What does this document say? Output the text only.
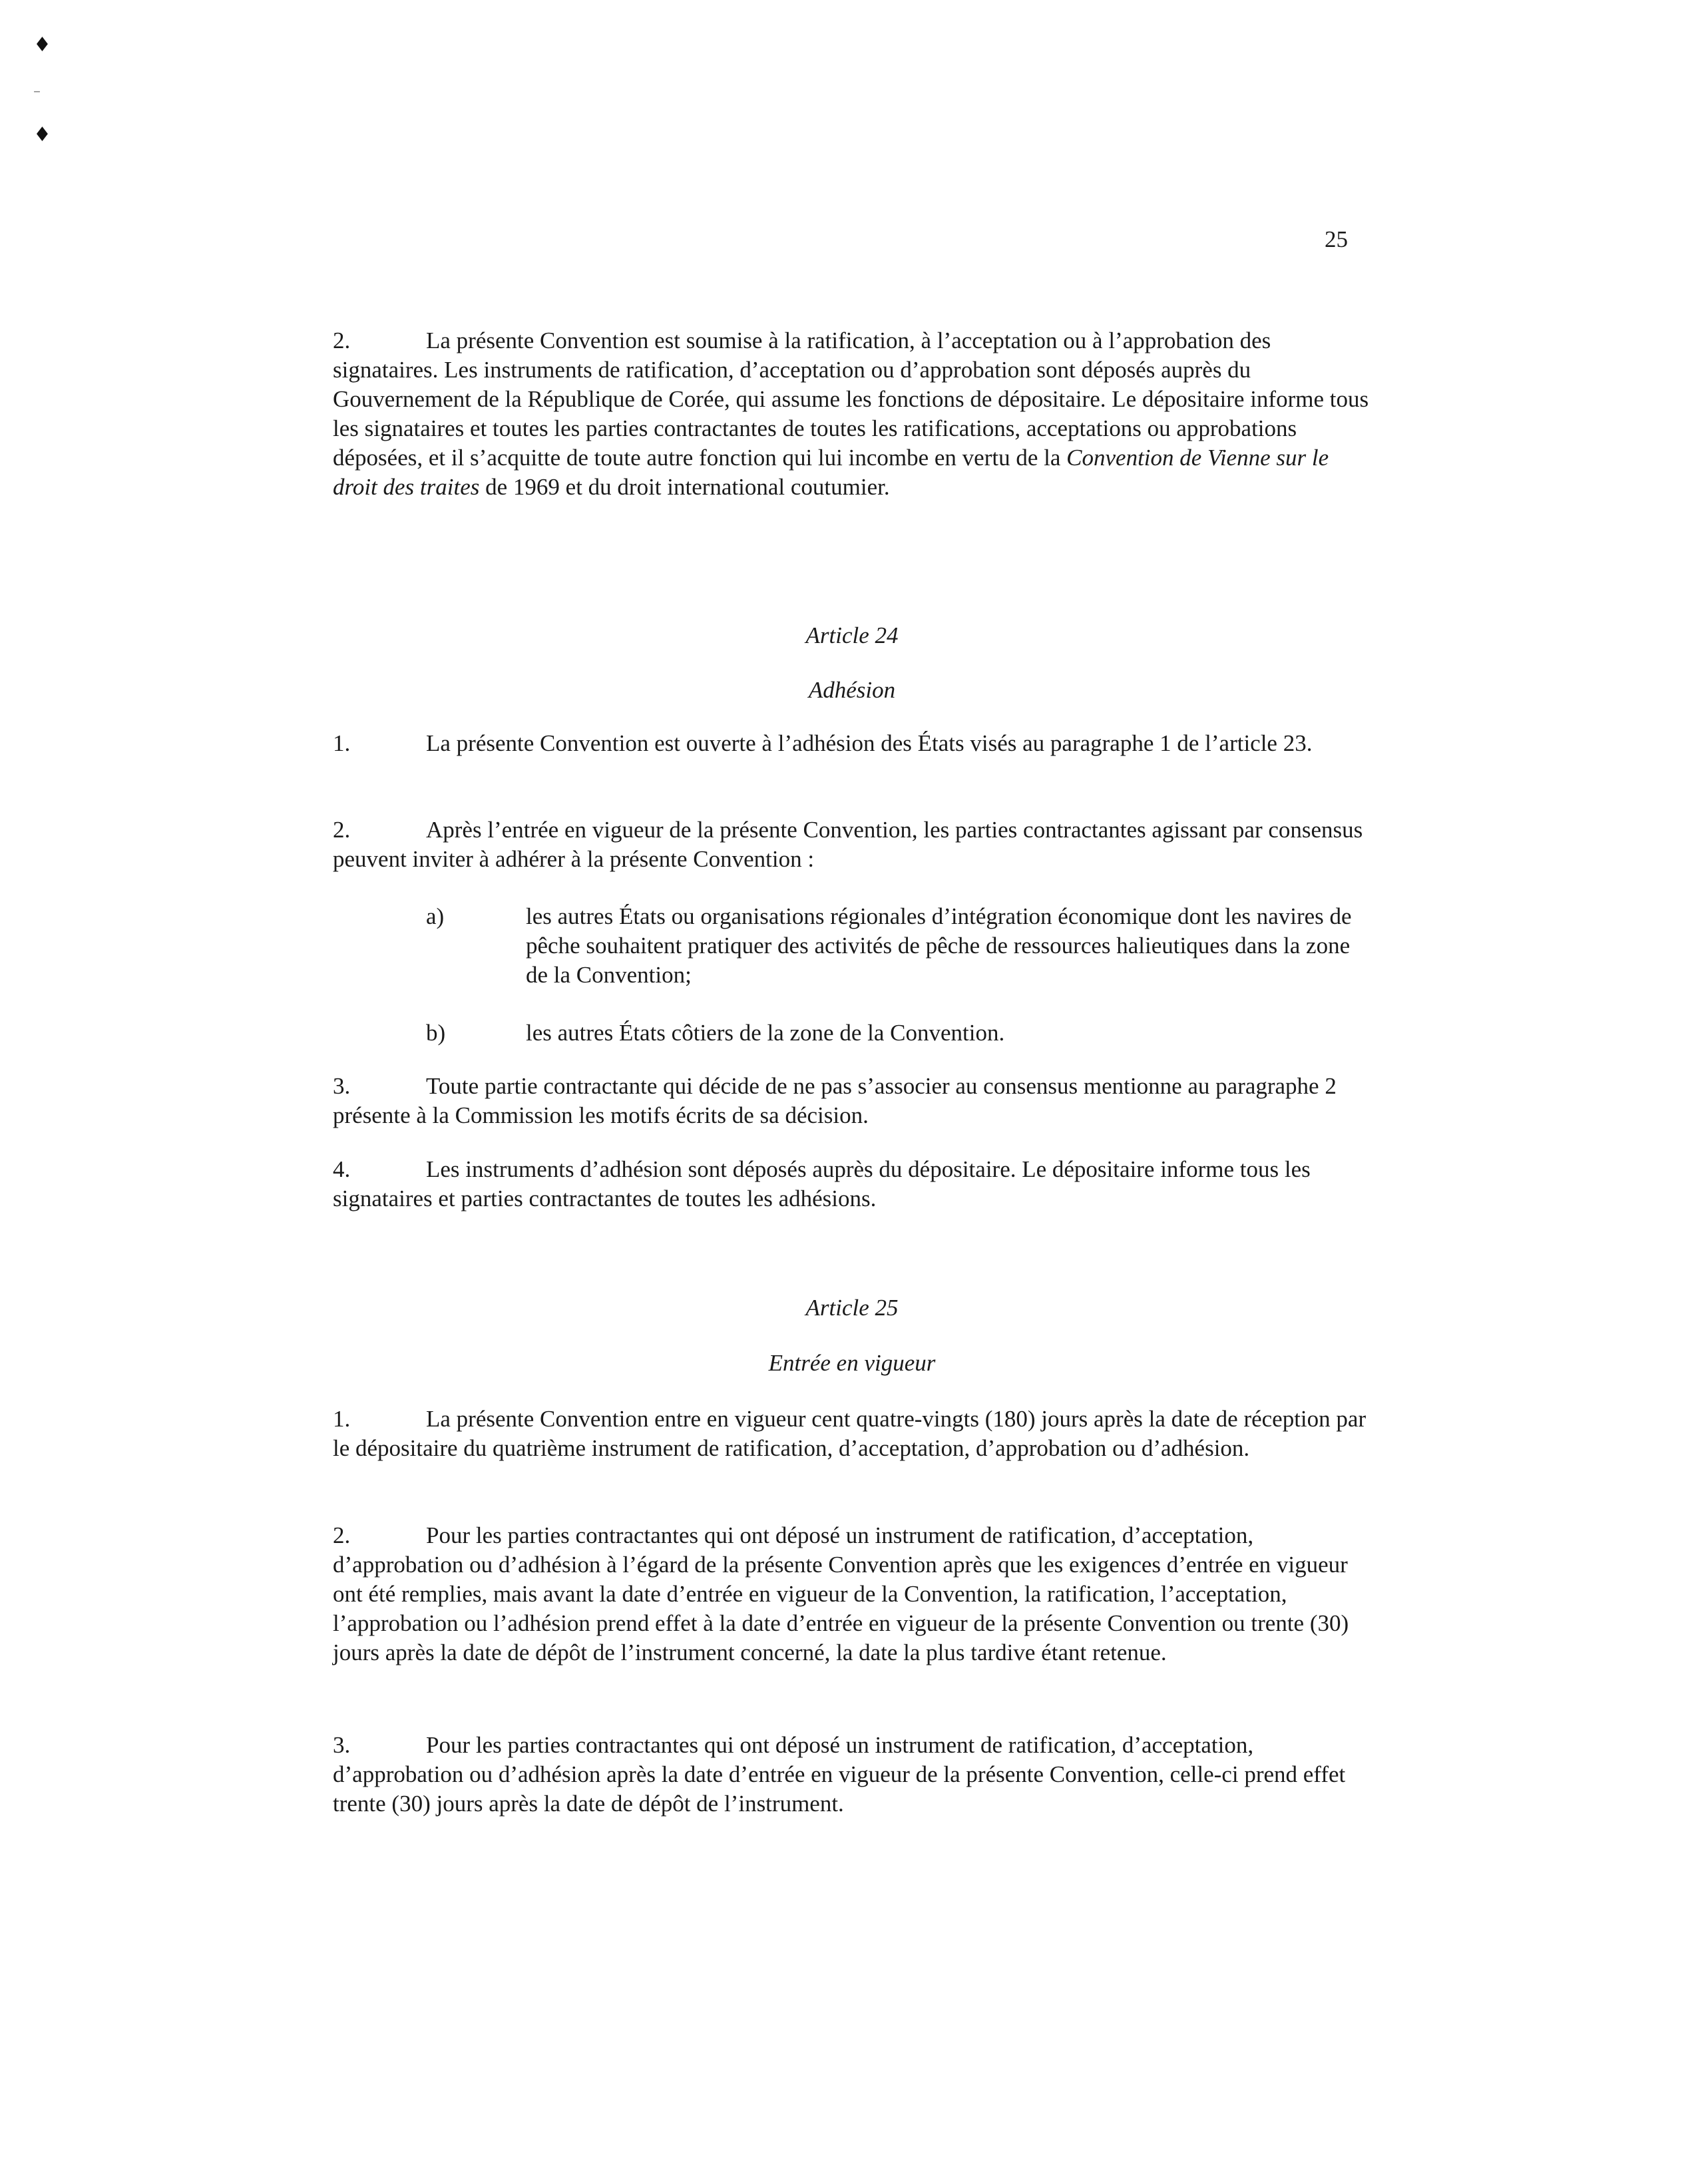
♦
–
♦
25

2.	La présente Convention est soumise à la ratification, à l’acceptation ou à l’approbation des signataires. Les instruments de ratification, d’acceptation ou d’approbation sont déposés auprès du Gouvernement de la République de Corée, qui assume les fonctions de dépositaire. Le dépositaire informe tous les signataires et toutes les parties contractantes de toutes les ratifications, acceptations ou approbations déposées, et il s’acquitte de toute autre fonction qui lui incombe en vertu de la Convention de Vienne sur le droit des traites de 1969 et du droit international coutumier.

Article 24

Adhésion

1.	La présente Convention est ouverte à l’adhésion des États visés au paragraphe 1 de l’article 23.

2.	Après l’entrée en vigueur de la présente Convention, les parties contractantes agissant par consensus peuvent inviter à adhérer à la présente Convention :

a)	les autres États ou organisations régionales d’intégration économique dont les navires de pêche souhaitent pratiquer des activités de pêche de ressources halieutiques dans la zone de la Convention;
b)	les autres États côtiers de la zone de la Convention.

3.	Toute partie contractante qui décide de ne pas s’associer au consensus mentionne au paragraphe 2 présente à la Commission les motifs écrits de sa décision.

4.	Les instruments d’adhésion sont déposés auprès du dépositaire. Le dépositaire informe tous les signataires et parties contractantes de toutes les adhésions.

Article 25

Entrée en vigueur

1.	La présente Convention entre en vigueur cent quatre-vingts (180) jours après la date de réception par le dépositaire du quatrième instrument de ratification, d’acceptation, d’approbation ou d’adhésion.

2.	Pour les parties contractantes qui ont déposé un instrument de ratification, d’acceptation, d’approbation ou d’adhésion à l’égard de la présente Convention après que les exigences d’entrée en vigueur ont été remplies, mais avant la date d’entrée en vigueur de la Convention, la ratification, l’acceptation, l’approbation ou l’adhésion prend effet à la date d’entrée en vigueur de la présente Convention ou trente (30) jours après la date de dépôt de l’instrument concerné, la date la plus tardive étant retenue.

3.	Pour les parties contractantes qui ont déposé un instrument de ratification, d’acceptation, d’approbation ou d’adhésion après la date d’entrée en vigueur de la présente Convention, celle-ci prend effet trente (30) jours après la date de dépôt de l’instrument.
